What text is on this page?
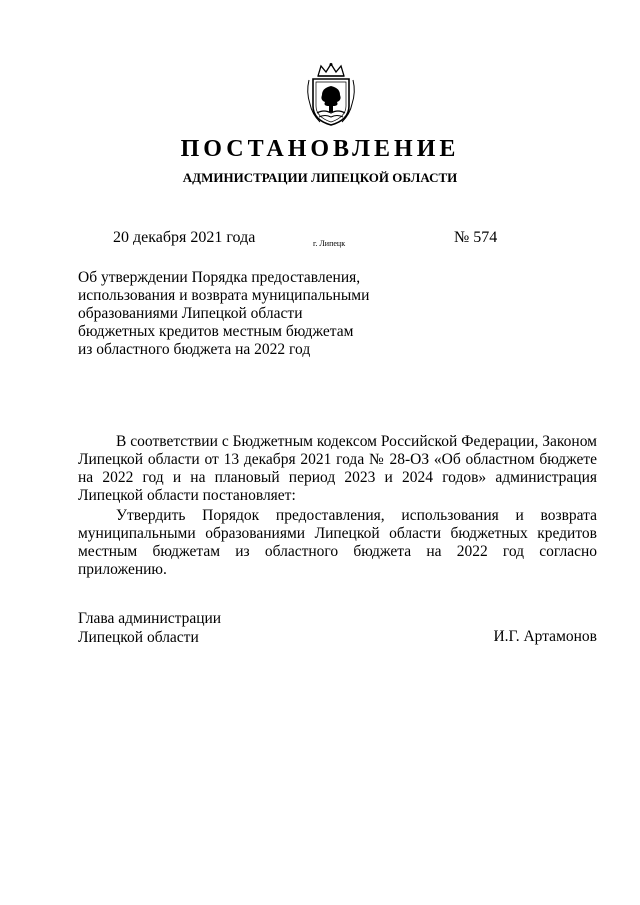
ПОСТАНОВЛЕНИЕ
АДМИНИСТРАЦИИ ЛИПЕЦКОЙ ОБЛАСТИ
20 декабря 2021 года	г. Липецк	№ 574
Об утверждении Порядка предоставления,
использования и возврата муниципальными
образованиями Липецкой области
бюджетных кредитов местным бюджетам
из областного бюджета на 2022 год

В соответствии с Бюджетным кодексом Российской Федерации, Законом Липецкой области от 13 декабря 2021 года № 28-ОЗ «Об областном бюджете на 2022 год и на плановый период 2023 и 2024 годов» администрация Липецкой области постановляет:

Утвердить Порядок предоставления, использования и возврата муниципальными образованиями Липецкой области бюджетных кредитов местным бюджетам из областного бюджета на 2022 год согласно приложению.

Глава администрации
Липецкой области	И.Г. Артамонов
